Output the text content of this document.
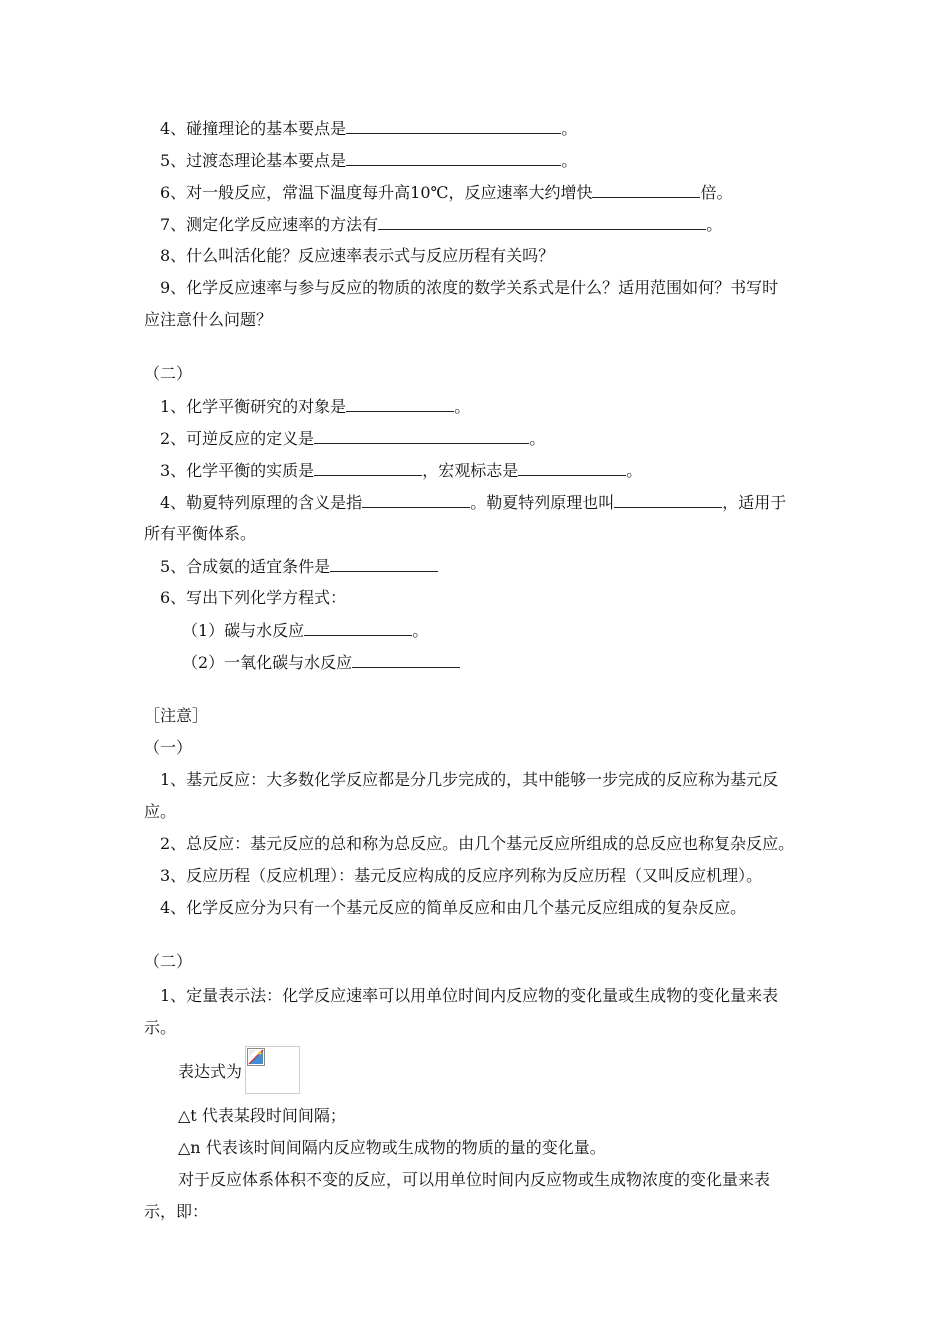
4、碰撞理论的基本要点是	。
5、过渡态理论基本要点是	。
6、对一般反应，常温下温度每升高10℃，反应速率大约增快	倍。
7、测定化学反应速率的方法有	。
8、什么叫活化能？反应速率表示式与反应历程有关吗？
9、化学反应速率与参与反应的物质的浓度的数学关系式是什么？适用范围如何？书写时
应注意什么问题？
（二）
1、化学平衡研究的对象是	。
2、可逆反应的定义是	。
3、化学平衡的实质是	，宏观标志是	。
4、勒夏特列原理的含义是指	。勒夏特列原理也叫	，适用于
所有平衡体系。
5、合成氨的适宜条件是
6、写出下列化学方程式：
（1）碳与水反应	。
（2）一氧化碳与水反应
［注意］
（一）
1、基元反应：大多数化学反应都是分几步完成的，其中能够一步完成的反应称为基元反
应。
2、总反应：基元反应的总和称为总反应。由几个基元反应所组成的总反应也称复杂反应。
3、反应历程（反应机理）：基元反应构成的反应序列称为反应历程（又叫反应机理）。
4、化学反应分为只有一个基元反应的简单反应和由几个基元反应组成的复杂反应。
（二）
1、定量表示法：化学反应速率可以用单位时间内反应物的变化量或生成物的变化量来表
示。
表达式为
△t 代表某段时间间隔；
△n 代表该时间间隔内反应物或生成物的物质的量的变化量。
对于反应体系体积不变的反应，可以用单位时间内反应物或生成物浓度的变化量来表
示，即：
